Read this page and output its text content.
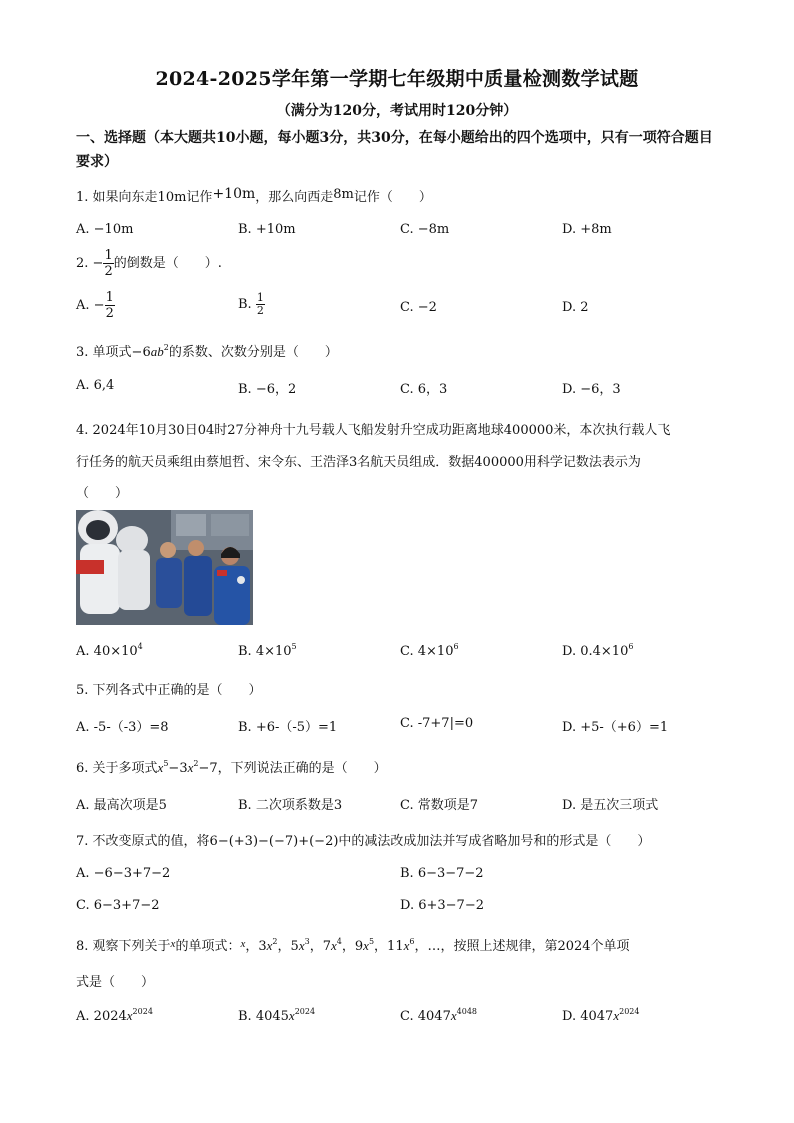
2024-2025学年第一学期七年级期中质量检测数学试题
（满分为120分，考试用时120分钟）
一、选择题（本大题共10小题，每小题3分，共30分，在每小题给出的四个选项中，只有一项符合题目要求）
1. 如果向东走10m记作+10m，那么向西走8m记作（　　）
A. −10m	B. +10m	C. −8m	D. +8m
2. − $\frac{1}{2}$ 的倒数是（　　）.
A. − $\frac{1}{2}$	B. $\frac{1}{2}$	C. −2	D. 2
3. 单项式$-6ab^2$的系数、次数分别是（　　）
A. 6,4	B. −6，2	C. 6，3	D. −6，3
4. 2024年10月30日04时27分神舟十九号载人飞船发射升空成功距离地球400000米，本次执行载人飞
行任务的航天员乘组由蔡旭哲、宋令东、王浩泽3名航天员组成．数据400000用科学记数法表示为
（　　）
A. $40\times 10^4$	B. $4\times 10^5$	C. $4\times 10^6$	D. $0.4\times 10^6$
5. 下列各式中正确的是（　　）
A. -5-（-3）=8	B. +6-（-5）=1	C. -7+7|=0	D. +5-（+6）=1
6. 关于多项式$x^5-3x^2-7$，下列说法正确的是（　　）
A. 最高次项是5	B. 二次项系数是3	C. 常数项是7	D. 是五次三项式
7. 不改变原式的值，将6−(+3)−(−7)+(−2)中的减法改成加法并写成省略加号和的形式是（　　）
A. −6−3+7−2	B. 6−3−7−2
C. 6−3+7−2	D. 6+3−7−2
8. 观察下列关于$^x$的单项式：$^x$，$3x^2$，$5x^3$，$7x^4$，$9x^5$，$11x^6$，…，按照上述规律，第2024个单项
式是（　　）
A. $2024x^{2024}$	B. $4045x^{2024}$	C. $4047x^{4048}$	D. $4047x^{2024}$
